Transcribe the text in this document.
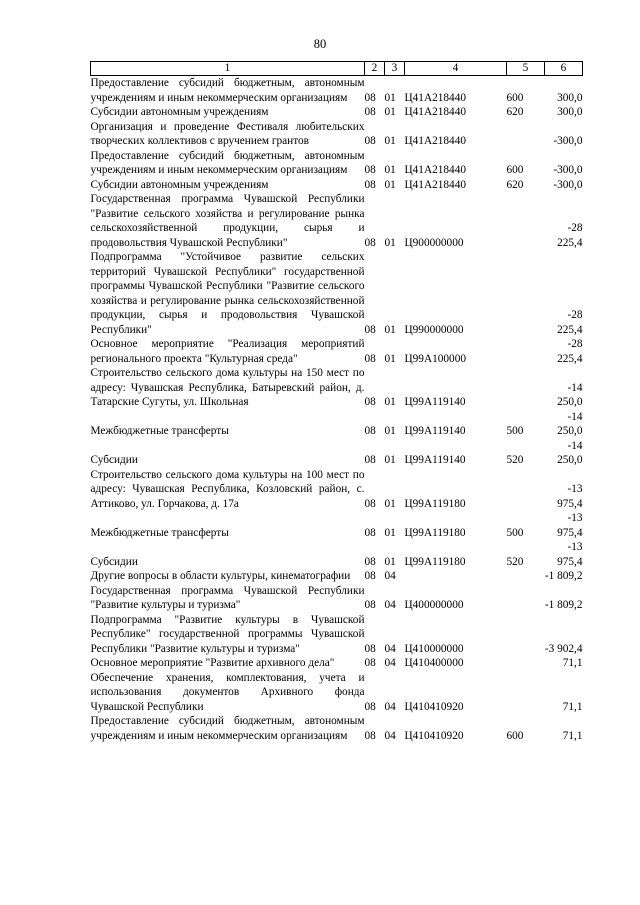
80
1	2	3	4	5	6
Предоставление субсидий бюджетным, автономным учреждениям и иным некоммерческим организациям	08	01	Ц41А218440	600	300,0
Субсидии автономным учреждениям	08	01	Ц41А218440	620	300,0
Организация и проведение Фестиваля любительских творческих коллективов с вручением грантов	08	01	Ц41А218440		-300,0
Предоставление субсидий бюджетным, автономным учреждениям и иным некоммерческим организациям	08	01	Ц41А218440	600	-300,0
Субсидии автономным учреждениям	08	01	Ц41А218440	620	-300,0
Государственная программа Чувашской Республики "Развитие сельского хозяйства и регулирование рынка сельскохозяйственной продукции, сырья и продовольствия Чувашской Республики"	08	01	Ц900000000		-28 225,4
Подпрограмма "Устойчивое развитие сельских территорий Чувашской Республики" государственной программы Чувашской Республики "Развитие сельского хозяйства и регулирование рынка сельскохозяйственной продукции, сырья и продовольствия Чувашской Республики"	08	01	Ц990000000		-28 225,4
Основное мероприятие "Реализация мероприятий регионального проекта "Культурная среда"	08	01	Ц99А100000		-28 225,4
Строительство сельского дома культуры на 150 мест по адресу: Чувашская Республика, Батыревский район, д. Татарские Сугуты, ул. Школьная	08	01	Ц99А119140		-14 250,0
Межбюджетные трансферты	08	01	Ц99А119140	500	-14 250,0
Субсидии	08	01	Ц99А119140	520	-14 250,0
Строительство сельского дома культуры на 100 мест по адресу: Чувашская Республика, Козловский район, с. Аттиково, ул. Горчакова, д. 17а	08	01	Ц99А119180		-13 975,4
Межбюджетные трансферты	08	01	Ц99А119180	500	-13 975,4
Субсидии	08	01	Ц99А119180	520	-13 975,4
Другие вопросы в области культуры, кинематографии	08	04			-1 809,2
Государственная программа Чувашской Республики "Развитие культуры и туризма"	08	04	Ц400000000		-1 809,2
Подпрограмма "Развитие культуры в Чувашской Республике" государственной программы Чувашской Республики "Развитие культуры и туризма"	08	04	Ц410000000		-3 902,4
Основное мероприятие "Развитие архивного дела"	08	04	Ц410400000		71,1
Обеспечение хранения, комплектования, учета и использования документов Архивного фонда Чувашской Республики	08	04	Ц410410920		71,1
Предоставление субсидий бюджетным, автономным учреждениям и иным некоммерческим организациям	08	04	Ц410410920	600	71,1
